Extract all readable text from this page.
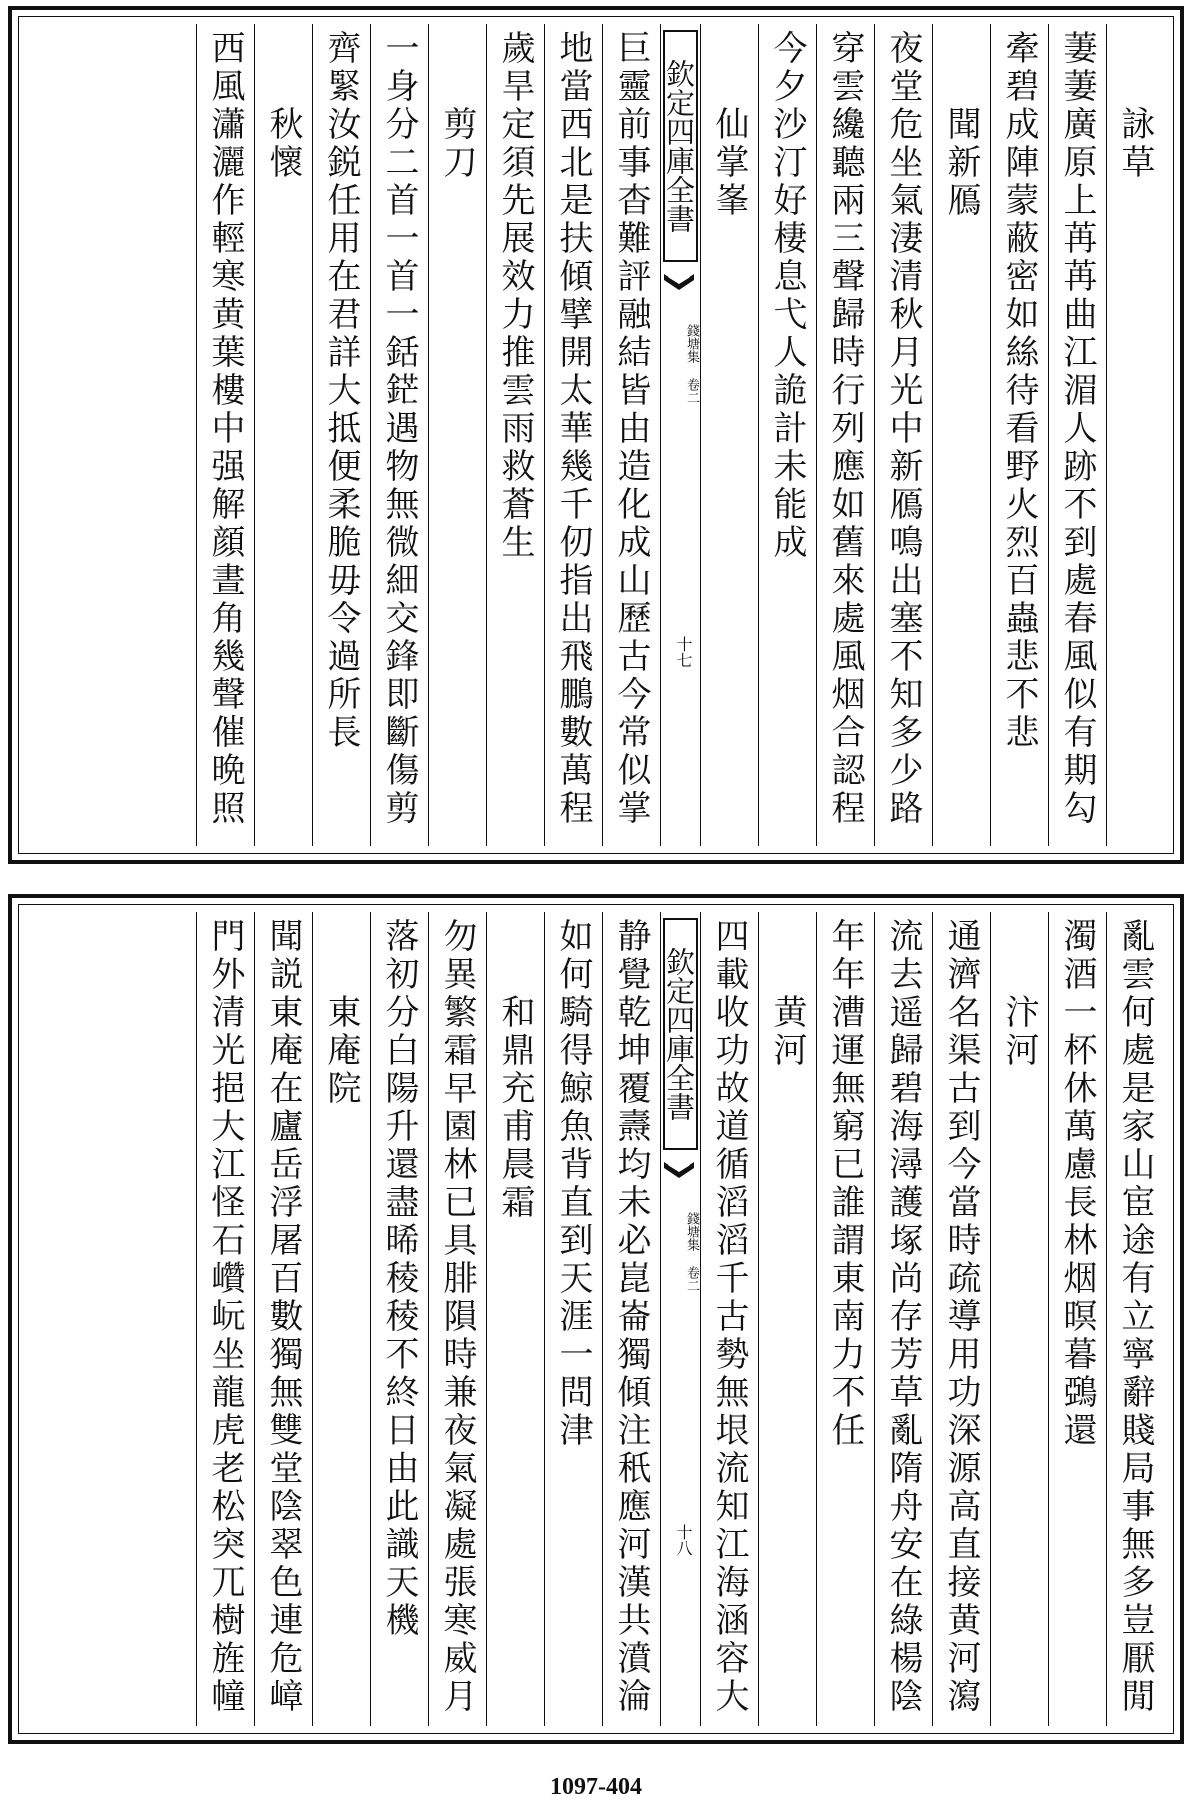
詠草
萋萋廣原上苒苒曲江湄人跡不到處春風似有期勾
牽碧成陣蒙蔽密如絲待看野火烈百蟲悲不悲
聞新鴈
夜堂危坐氣淒清秋月光中新鴈鳴出塞不知多少路
穿雲纔聽兩三聲歸時行列應如舊來處風烟合認程
今夕沙汀好棲息弋人詭計未能成
仙掌峯
欽定四庫全書
錢塘集 卷二
十七
巨靈前事杳難評融結皆由造化成山歷古今常似掌
地當西北是扶傾擘開太華幾千仞指出飛鵬數萬程
歲旱定須先展效力推雲雨救蒼生
剪刀
一身分二首一首一銛鋩遇物無微細交鋒即斷傷剪
齊緊汝鋭任用在君詳大抵便柔脆毋令過所長
秋懷
西風瀟灑作輕寒黄葉樓中强解顔晝角幾聲催晩照
亂雲何處是家山宦途有立寧辭賤局事無多豈厭閒
濁酒一杯休萬慮長林烟暝暮鵶還
汴河
通濟名渠古到今當時疏導用功深源高直接黄河瀉
流去遥歸碧海潯護塚尚存芳草亂隋舟安在綠楊陰
年年漕運無窮已誰謂東南力不任
黄河
四載收功故道循滔滔千古勢無垠流知江海涵容大
欽定四庫全書
錢塘集 卷二
十八
静覺乾坤覆燾均未必崑崙獨傾注秖應河漢共濆淪
如何騎得鯨魚背直到天涯一問津
和鼎充甫晨霜
勿異繁霜早園林已具腓隕時兼夜氣凝處張寒威月
落初分白陽升還盡晞稜稜不終日由此識天機
東庵院
聞説東庵在廬岳浮屠百數獨無雙堂陰翠色連危嶂
門外清光挹大江怪石巑岏坐龍虎老松突兀樹旌幢
1097-404
